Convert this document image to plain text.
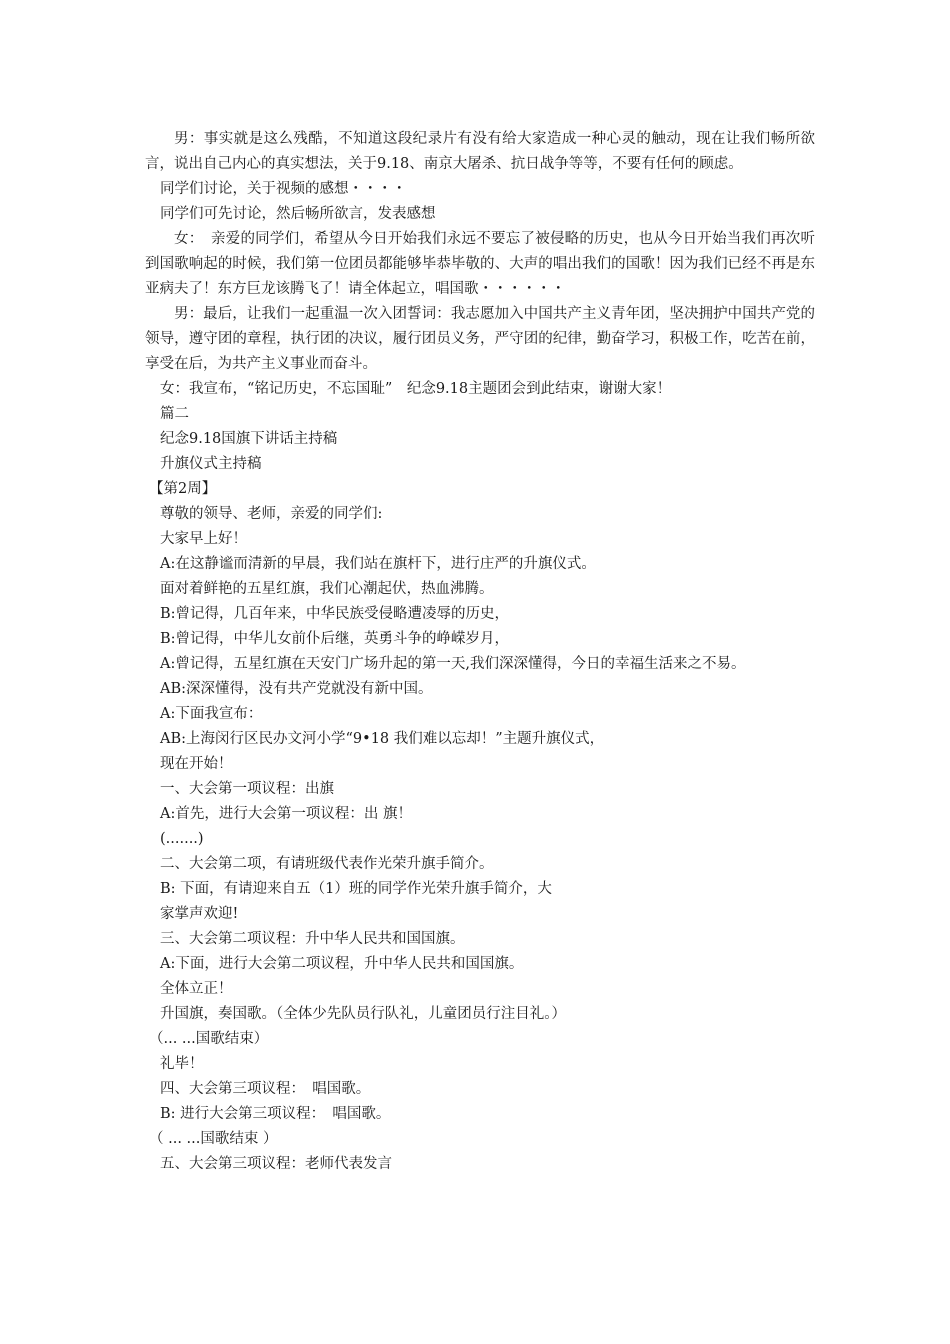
男：事实就是这么残酷，不知道这段纪录片有没有给大家造成一种心灵的触动，现在让我们畅所欲言，说出自己内心的真实想法，关于9.18、南京大屠杀、抗日战争等等，不要有任何的顾虑。

同学们讨论，关于视频的感想・・・・

同学们可先讨论，然后畅所欲言，发表感想

女：　亲爱的同学们，希望从今日开始我们永远不要忘了被侵略的历史，也从今日开始当我们再次听到国歌响起的时候，我们第一位团员都能够毕恭毕敬的、大声的唱出我们的国歌！因为我们已经不再是东亚病夫了！东方巨龙该腾飞了！请全体起立，唱国歌・・・・・・

男：最后，让我们一起重温一次入团誓词：我志愿加入中国共产主义青年团，坚决拥护中国共产党的领导，遵守团的章程，执行团的决议，履行团员义务，严守团的纪律，勤奋学习，积极工作，吃苦在前，享受在后，为共产主义事业而奋斗。

女：我宣布，“铭记历史，不忘国耻”　纪念9.18主题团会到此结束，谢谢大家！

篇二

纪念9.18国旗下讲话主持稿

升旗仪式主持稿

【第2周】

尊敬的领导、老师，亲爱的同学们:

大家早上好！

A:在这静谧而清新的早晨，我们站在旗杆下，进行庄严的升旗仪式。

面对着鲜艳的五星红旗，我们心潮起伏，热血沸腾。

B:曾记得，几百年来，中华民族受侵略遭凌辱的历史，

B:曾记得，中华儿女前仆后继，英勇斗争的峥嵘岁月，

A:曾记得，五星红旗在天安门广场升起的第一天,我们深深懂得，今日的幸福生活来之不易。

AB:深深懂得，没有共产党就没有新中国。

A:下面我宣布：

AB:上海闵行区民办文河小学“9•18 我们难以忘却！”主题升旗仪式，

现在开始！

一、大会第一项议程：出旗

A:首先，进行大会第一项议程：出 旗！

(.......)

二、大会第二项，有请班级代表作光荣升旗手简介。

B: 下面，有请迎来自五（1）班的同学作光荣升旗手简介，大

家掌声欢迎!

三、大会第二项议程：升中华人民共和国国旗。

A:下面，进行大会第二项议程，升中华人民共和国国旗。

全体立正！

升国旗，奏国歌。（全体少先队员行队礼，儿童团员行注目礼。）

（... ...国歌结束）

礼毕！

四、大会第三项议程：　唱国歌。

B: 进行大会第三项议程：　唱国歌。

（ ... ...国歌结束 ）

五、大会第三项议程：老师代表发言
